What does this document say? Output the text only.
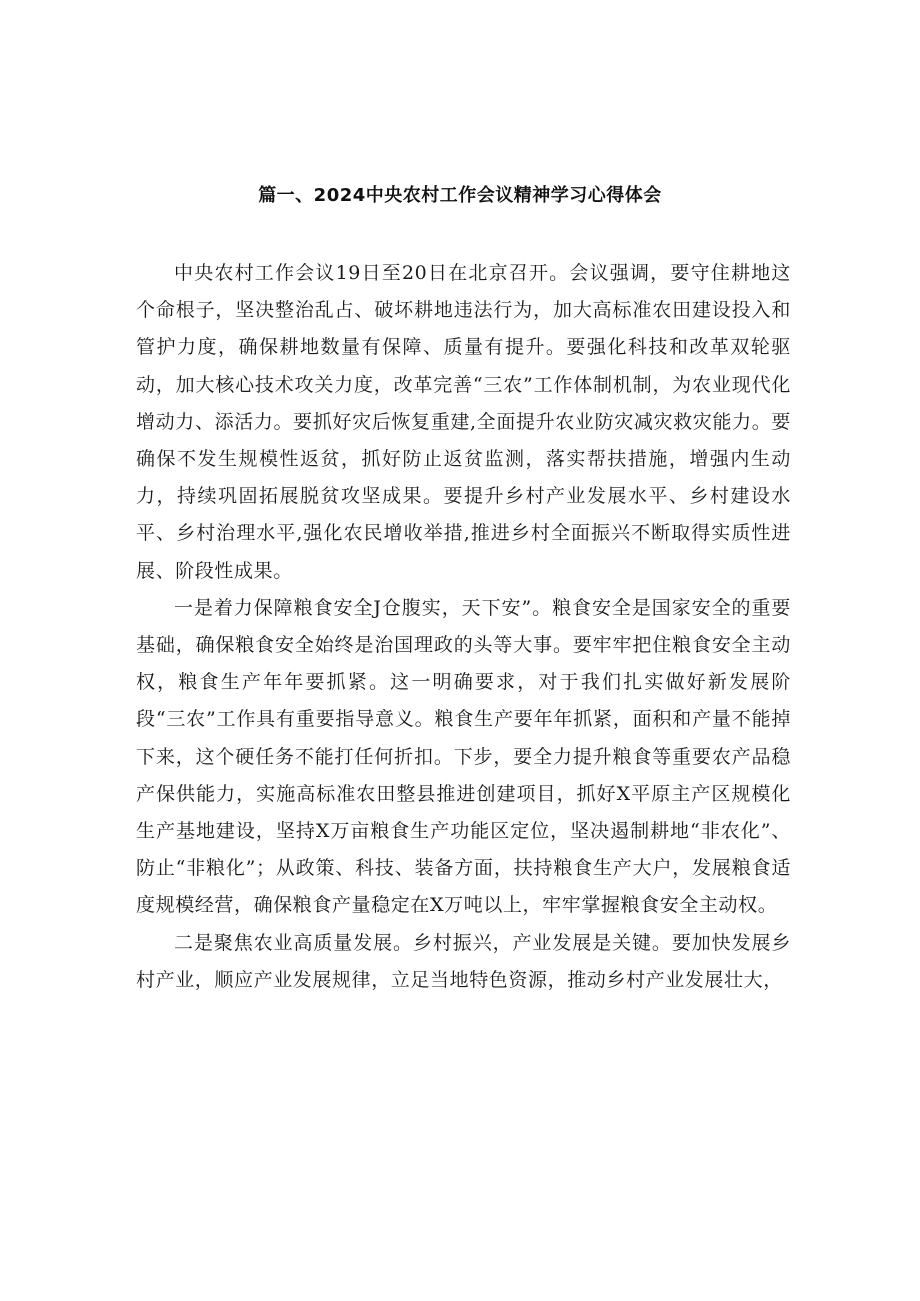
篇一、2024中央农村工作会议精神学习心得体会

中央农村工作会议19日至20日在北京召开。会议强调，要守住耕地这个命根子，坚决整治乱占、破坏耕地违法行为，加大高标准农田建设投入和管护力度，确保耕地数量有保障、质量有提升。要强化科技和改革双轮驱动，加大核心技术攻关力度，改革完善“三农”工作体制机制，为农业现代化增动力、添活力。要抓好灾后恢复重建,全面提升农业防灾减灾救灾能力。要确保不发生规模性返贫，抓好防止返贫监测，落实帮扶措施，增强内生动力，持续巩固拓展脱贫攻坚成果。要提升乡村产业发展水平、乡村建设水平、乡村治理水平,强化农民增收举措,推进乡村全面振兴不断取得实质性进展、阶段性成果。

一是着力保障粮食安全J仓腹实，天下安”。粮食安全是国家安全的重要基础，确保粮食安全始终是治国理政的头等大事。要牢牢把住粮食安全主动权，粮食生产年年要抓紧。这一明确要求，对于我们扎实做好新发展阶段“三农”工作具有重要指导意义。粮食生产要年年抓紧，面积和产量不能掉下来，这个硬任务不能打任何折扣。下步，要全力提升粮食等重要农产品稳产保供能力，实施高标准农田整县推进创建项目，抓好X平原主产区规模化生产基地建设，坚持X万亩粮食生产功能区定位，坚决遏制耕地“非农化”、防止“非粮化”；从政策、科技、装备方面，扶持粮食生产大户，发展粮食适度规模经营，确保粮食产量稳定在X万吨以上，牢牢掌握粮食安全主动权。

二是聚焦农业高质量发展。乡村振兴，产业发展是关键。要加快发展乡村产业，顺应产业发展规律，立足当地特色资源，推动乡村产业发展壮大，
